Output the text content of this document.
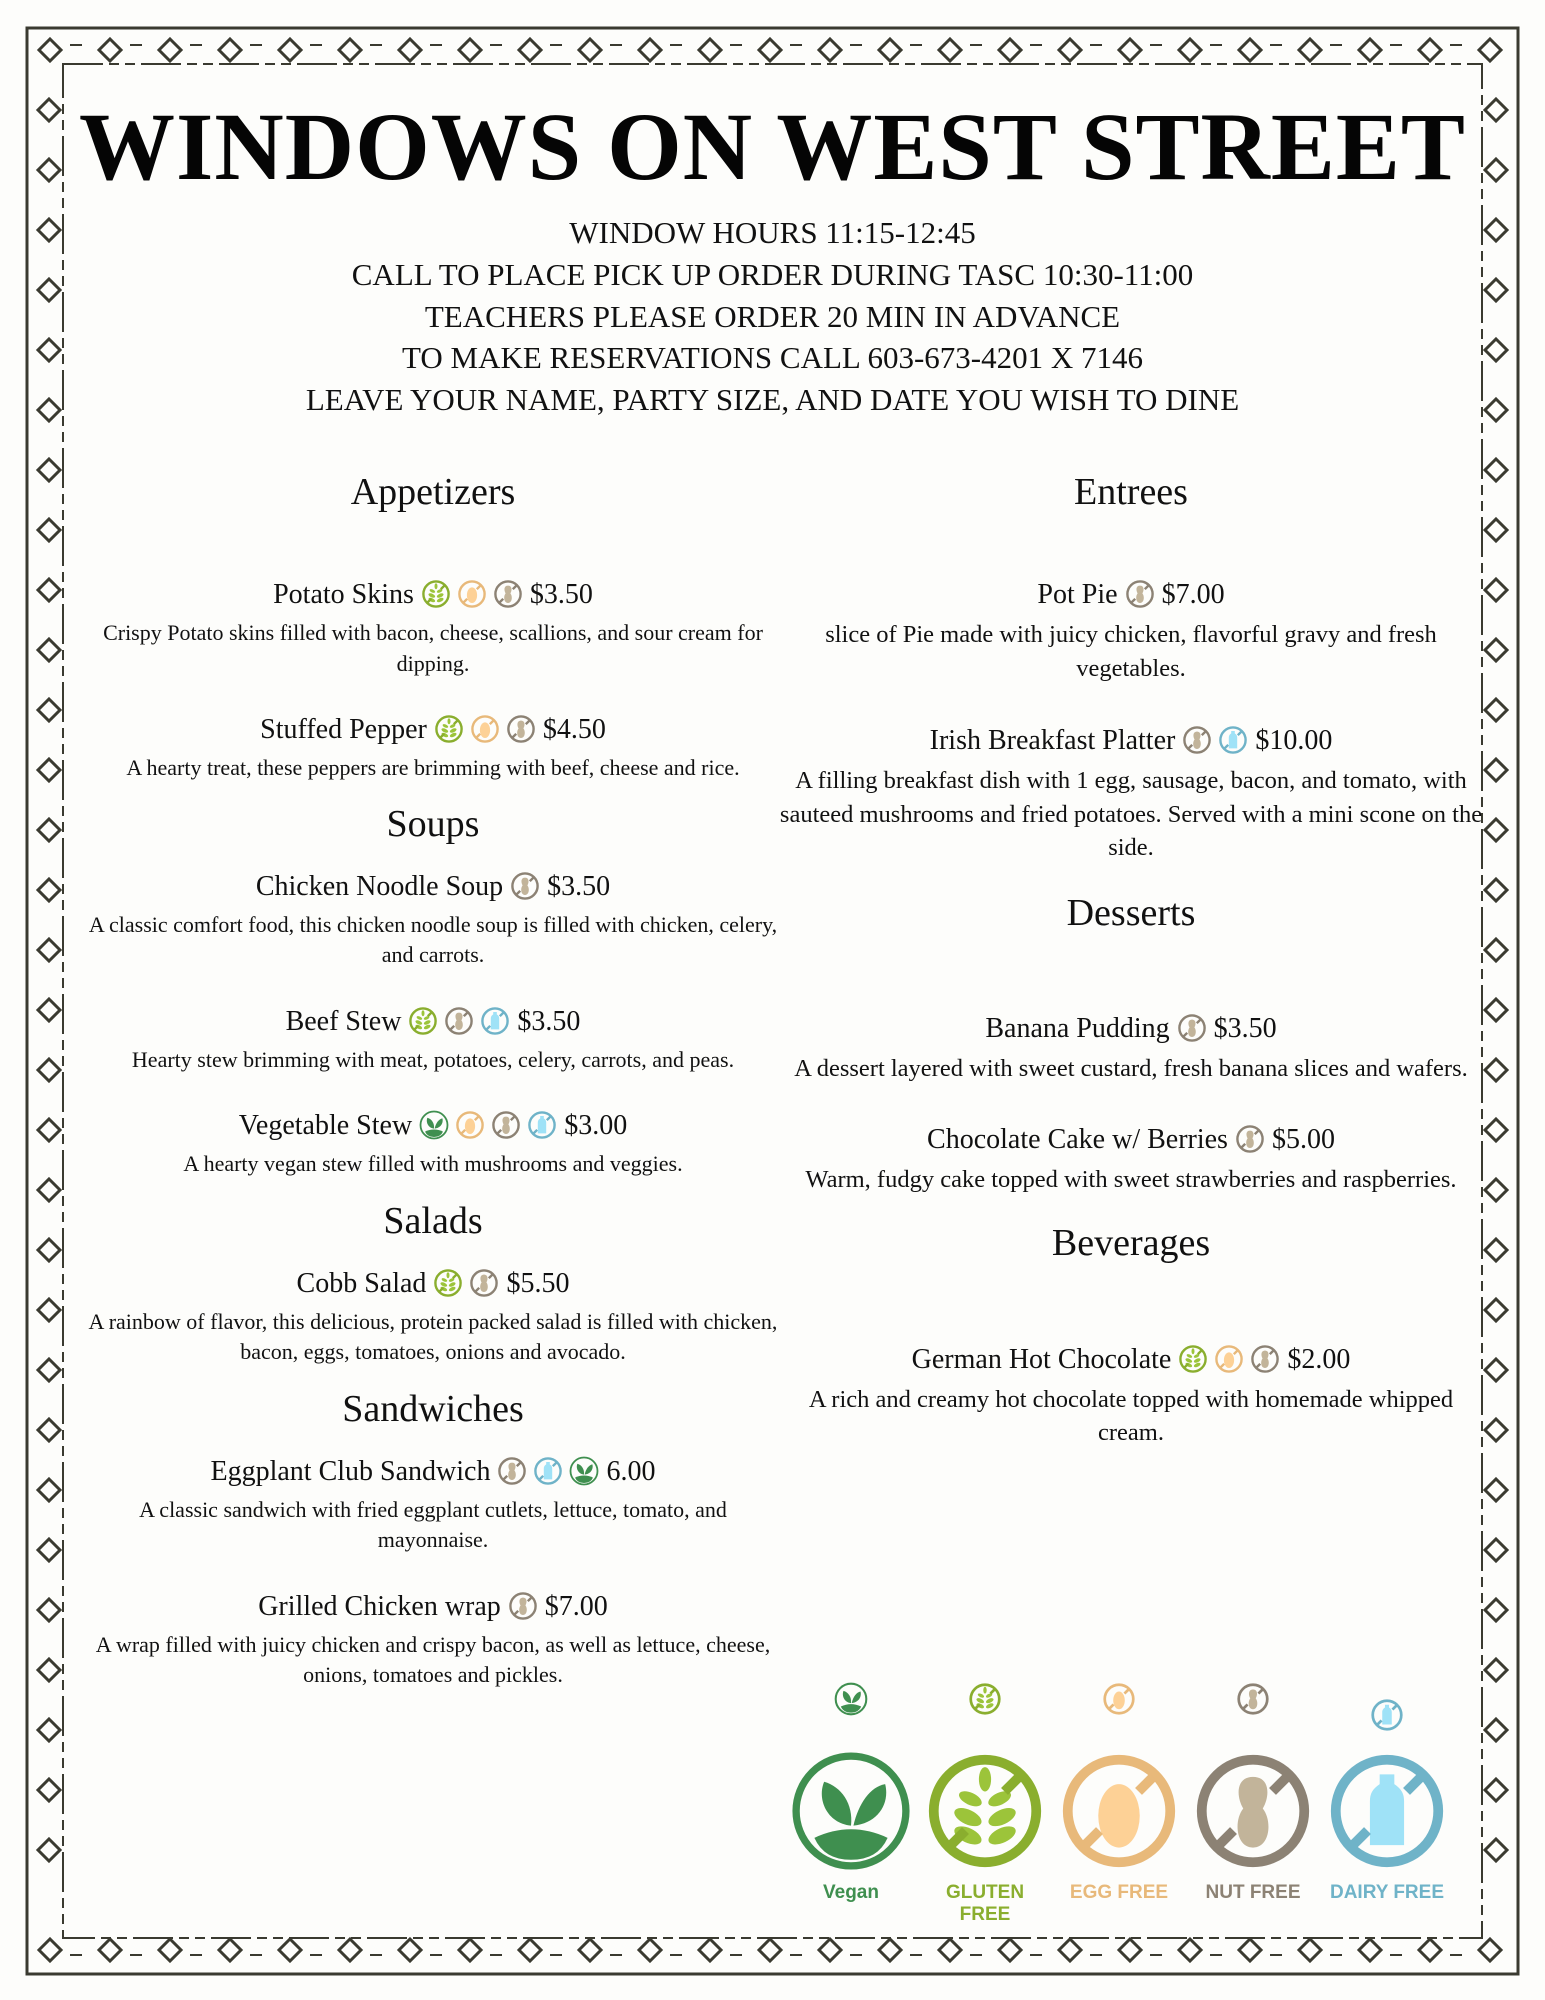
WINDOWS ON WEST STREET
WINDOW HOURS 11:15-12:45
CALL TO PLACE PICK UP ORDER DURING TASC 10:30-11:00
TEACHERS PLEASE ORDER 20 MIN IN ADVANCE
TO MAKE RESERVATIONS CALL 603-673-4201 X 7146
LEAVE YOUR NAME, PARTY SIZE, AND DATE YOU WISH TO DINE
Appetizers
Potato Skins	$3.50
Crispy Potato skins filled with bacon, cheese, scallions, and sour cream for dipping.
Stuffed Pepper	$4.50
A hearty treat, these peppers are brimming with beef, cheese and rice.
Soups
Chicken Noodle Soup $3.50
A classic comfort food, this chicken noodle soup is filled with chicken, celery, and carrots.
Beef Stew	$3.50
Hearty stew brimming with meat, potatoes, celery, carrots, and peas.
Vegetable Stew	$3.00
A hearty vegan stew filled with mushrooms and veggies.
Salads
Cobb Salad	$5.50
A rainbow of flavor, this delicious, protein packed salad is filled with chicken, bacon, eggs, tomatoes, onions and avocado.
Sandwiches
Eggplant Club Sandwich	6.00
A classic sandwich with fried eggplant cutlets, lettuce, tomato, and mayonnaise.
Grilled Chicken wrap $7.00
A wrap filled with juicy chicken and crispy bacon, as well as lettuce, cheese, onions, tomatoes and pickles.
Entrees
Pot Pie $7.00
slice of Pie made with juicy chicken, flavorful gravy and fresh vegetables.
Irish Breakfast Platter	$10.00
A filling breakfast dish with 1 egg, sausage, bacon, and tomato, with sauteed mushrooms and fried potatoes. Served with a mini scone on the side.
Desserts
Banana Pudding $3.50
A dessert layered with sweet custard, fresh banana slices and wafers.
Chocolate Cake w/ Berries $5.00
Warm, fudgy cake topped with sweet strawberries and raspberries.
Beverages
German Hot Chocolate	$2.00
A rich and creamy hot chocolate topped with homemade whipped cream.
Vegan	GLUTEN FREE
EGG FREE	NUT FREE	DAIRY FREE
